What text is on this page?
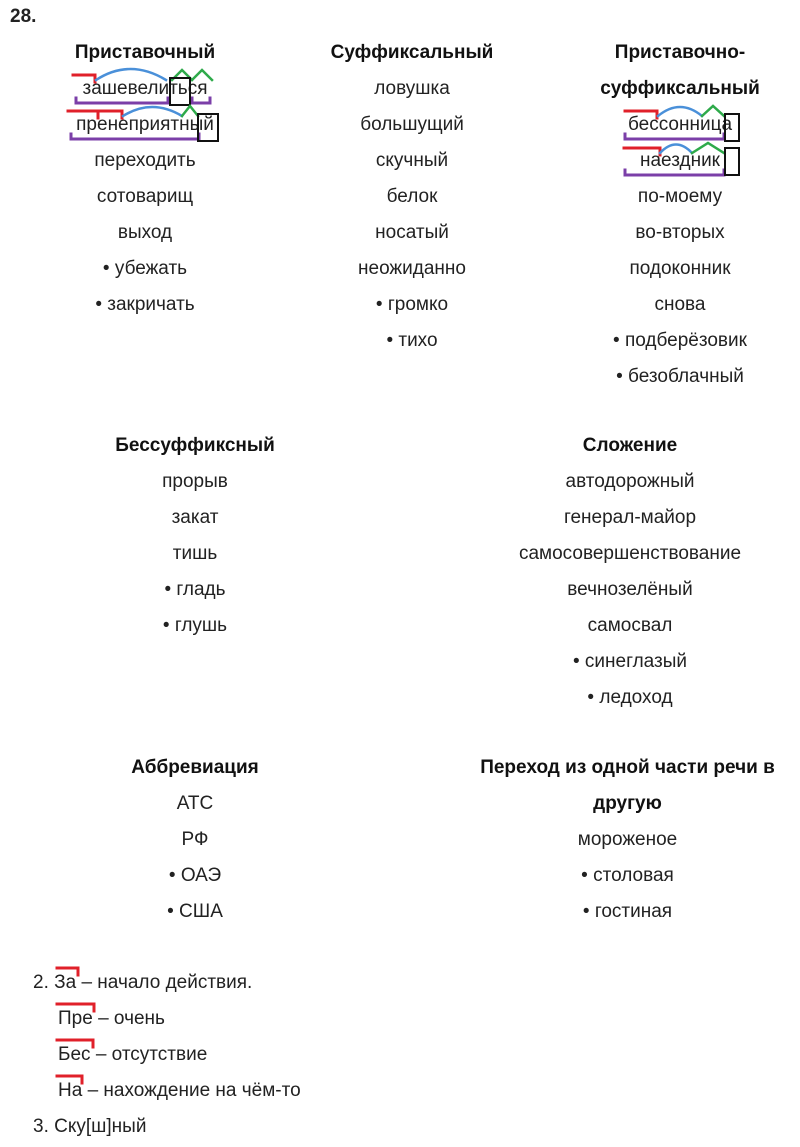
28.
Приставочный
зашевелиться
пренеприятный
переходить
сотоварищ
выход
• убежать
• закричать
Суффиксальный
ловушка
большущий
скучный
белок
носатый
неожиданно
• громко
• тихо
Приставочно-
суффиксальный
бессонница
наездник
по-моему
во-вторых
подоконник
снова
• подберёзовик
• безоблачный
Бессуффиксный
прорыв
закат
тишь
• гладь
• глушь
Сложение
автодорожный
генерал-майор
самосовершенствование
вечнозелёный
самосвал
• синеглазый
• ледоход
Аббревиация
АТС
РФ
• ОАЭ
• США
Переход из одной части речи в
другую
мороженое
• столовая
• гостиная
2. За – начало действия.
Пре – очень
Бес – отсутствие
На – нахождение на чём-то
3. Ску[ш]ный
